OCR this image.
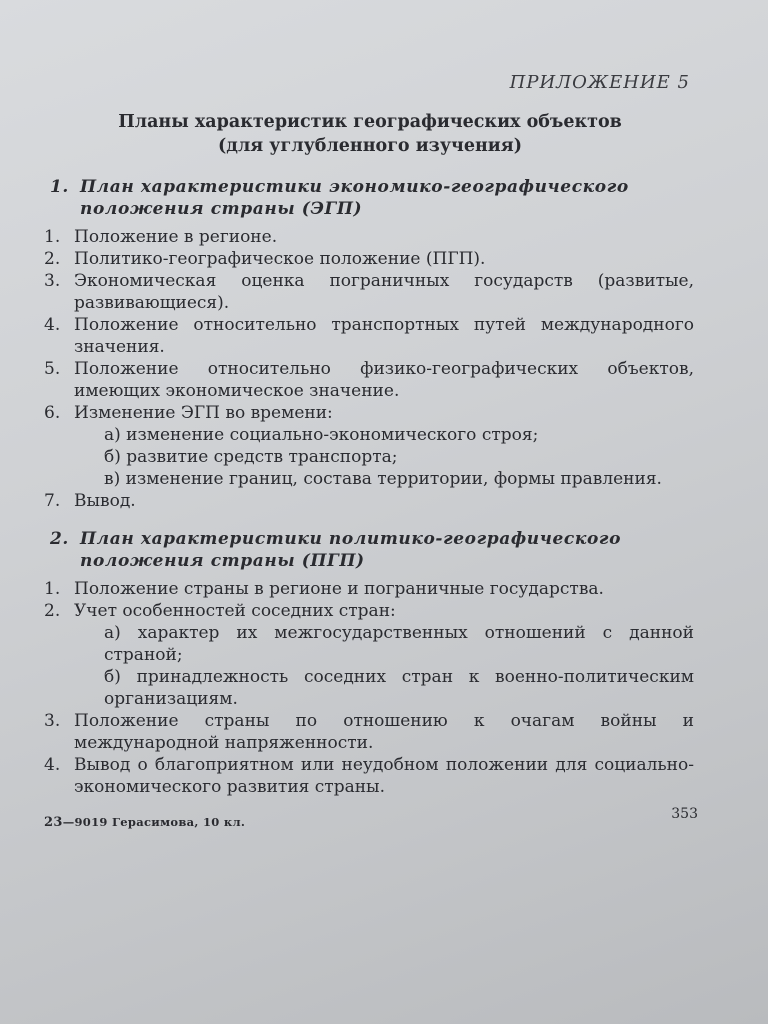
ПРИЛОЖЕНИЕ 5
Планы характеристик географических объектов
(для углубленного изучения)
1. План характеристики экономико-географического
положения страны (ЭГП)
1. Положение в регионе.
2. Политико-географическое положение (ПГП).
3. Экономическая оценка пограничных государств (развитые, развивающиеся).
4. Положение относительно транспортных путей международного значения.
5. Положение относительно физико-географических объектов, имеющих экономическое значение.
6. Изменение ЭГП во времени:
а) изменение социально-экономического строя;
б) развитие средств транспорта;
в) изменение границ, состава территории, формы правления.
7. Вывод.
2. План характеристики политико-географического
положения страны (ПГП)
1. Положение страны в регионе и пограничные государства.
2. Учет особенностей соседних стран:
а) характер их межгосударственных отношений с данной страной;
б) принадлежность соседних стран к военно-политическим организациям.
3. Положение страны по отношению к очагам войны и международной напряженности.
4. Вывод о благоприятном или неудобном положении для социально-экономического развития страны.
23—9019 Герасимова, 10 кл.	353
